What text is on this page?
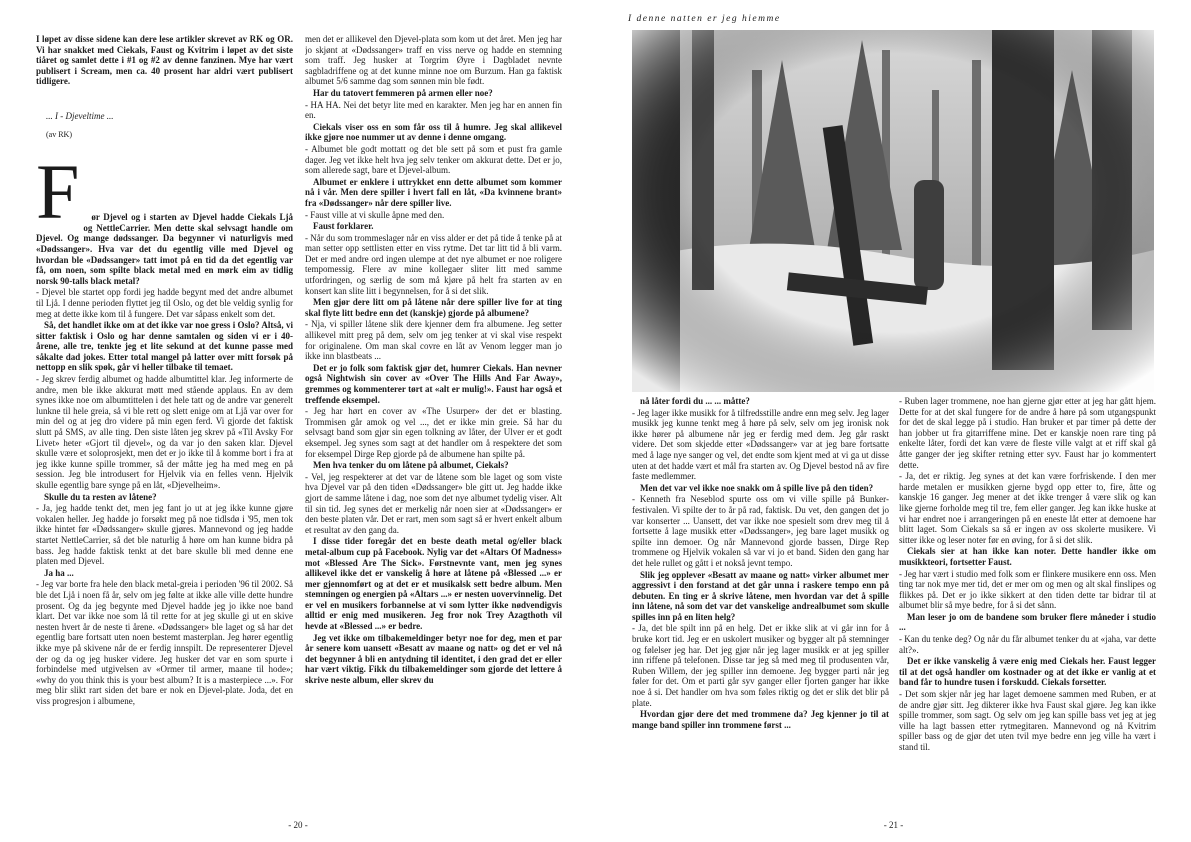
I løpet av disse sidene kan dere lese artikler skrevet av RK og OR. Vi har snakket med Ciekals, Faust og Kvitrim i løpet av det siste tiåret og samlet dette i #1 og #2 av denne fanzinen. Mye har vært publisert i Scream, men ca. 40 prosent har aldri vært publisert tidligere.

... I - Djeveltime ...
(av RK)
F	ør Djevel og i starten av Djevel hadde Ciekals Ljå og NettleCarrier. Men dette skal selvsagt handle om Djevel. Og mange dødssanger. Da begynner vi naturligvis med «Dødssanger». Hva var det du egentlig ville med Djevel og hvordan ble «Dødssanger» tatt imot på en tid da det egentlig var få, om noen, som spilte black metal med en mørk eim av tidlig norsk 90-talls black metal?

- Djevel ble startet opp fordi jeg hadde begynt med det andre albumet til Ljå. I denne perioden flyttet jeg til Oslo, og det ble veldig synlig for meg at dette ikke kom til å fungere. Det var såpass enkelt som det.

Så, det handlet ikke om at det ikke var noe gress i Oslo? Altså, vi sitter faktisk i Oslo og har denne samtalen og siden vi er i 40-årene, alle tre, tenkte jeg et lite sekund at det kunne passe med såkalte dad jokes. Etter total mangel på latter over mitt forsøk på nettopp en slik spøk, går vi heller tilbake til temaet.

- Jeg skrev ferdig albumet og hadde albumtittel klar. Jeg informerte de andre, men ble ikke akkurat møtt med stående applaus. En av dem synes ikke noe om albumtittelen i det hele tatt og de andre var generelt lunkne til hele greia, så vi ble rett og slett enige om at Ljå var over for min del og at jeg dro videre på min egen ferd. Vi gjorde det faktisk slutt på SMS, av alle ting. Den siste låten jeg skrev på «Til Avsky For Livet» heter «Gjort til djevel», og da var jo den saken klar. Djevel skulle være et soloprosjekt, men det er jo ikke til å komme bort i fra at jeg ikke kunne spille trommer, så der måtte jeg ha med meg en på session. Jeg ble introdusert for Hjelvik via en felles venn. Hjelvik skulle egentlig bare synge på en låt, «Djevelheim».

Skulle du ta resten av låtene?

- Ja, jeg hadde tenkt det, men jeg fant jo ut at jeg ikke kunne gjøre vokalen heller. Jeg hadde jo forsøkt meg på noe tidlsdø i '95, men tok ikke hintet før «Dødssanger» skulle gjøres. Mannevond og jeg hadde startet NettleCarrier, så det ble naturlig å høre om han kunne bidra på bass. Jeg hadde faktisk tenkt at det bare skulle bli med denne ene platen med Djevel.

Ja ha ...

- Jeg var borte fra hele den black metal-greia i perioden '96 til 2002. Så ble det Ljå i noen få år, selv om jeg følte at ikke alle ville dette hundre prosent. Og da jeg begynte med Djevel hadde jeg jo ikke noe band klart. Det var ikke noe som lå til rette for at jeg skulle gi ut en skive nesten hvert år de neste ti årene. «Dødssanger» ble laget og så har det egentlig bare fortsatt uten noen bestemt masterplan. Jeg hører egentlig ikke mye på skivene når de er ferdig innspilt. De representerer Djevel der og da og jeg husker videre. Jeg husker det var en som spurte i forbindelse med utgivelsen av «Ormer til armer, maane til hode»; «why do you think this is your best album? It is a masterpiece ...». For meg blir slikt rart siden det bare er nok en Djevel-plate. Joda, det en viss progresjon i albumene,

men det er allikevel den Djevel-plata som kom ut det året. Men jeg har jo skjønt at «Dødssanger» traff en viss nerve og hadde en stemning som traff. Jeg husker at Torgrim Øyre i Dagbladet nevnte sagbladriffene og at det kunne minne noe om Burzum. Han ga faktisk albumet 5/6 samme dag som sønnen min ble født.

Har du tatovert femmeren på armen eller noe?

- HA HA. Nei det betyr lite med en karakter. Men jeg har en annen fin en.

Ciekals viser oss en som får oss til å humre. Jeg skal allikevel ikke gjøre noe nummer ut av denne i denne omgang.

- Albumet ble godt mottatt og det ble sett på som et pust fra gamle dager. Jeg vet ikke helt hva jeg selv tenker om akkurat dette. Det er jo, som allerede sagt, bare et Djevel-album.

Albumet er enklere i uttrykket enn dette albumet som kommer nå i vår. Men dere spiller i hvert fall en låt, «Da kvinnene brant» fra «Dødssanger» når dere spiller live.

- Faust ville at vi skulle åpne med den.

Faust forklarer.

- Når du som trommeslager når en viss alder er det på tide å tenke på at man setter opp settlisten etter en viss rytme. Det tar litt tid å bli varm. Det er med andre ord ingen ulempe at det nye albumet er noe roligere tempomessig. Flere av mine kollegaer sliter litt med samme utfordringen, og særlig de som må kjøre på helt fra starten av en konsert kan slite litt i begynnelsen, for å si det slik.

Men gjør dere litt om på låtene når dere spiller live for at ting skal flyte litt bedre enn det (kanskje) gjorde på albumene?

- Nja, vi spiller låtene slik dere kjenner dem fra albumene. Jeg setter allikevel mitt preg på dem, selv om jeg tenker at vi skal vise respekt for originalene. Om man skal covre en låt av Venom legger man jo ikke inn blastbeats ...

Det er jo folk som faktisk gjør det, humrer Ciekals. Han nevner også Nightwish sin cover av «Over The Hills And Far Away», gremmes og kommenterer tørt at «alt er mulig!». Faust har også et treffende eksempel.

- Jeg har hørt en cover av «The Usurper» der det er blasting. Trommisen går amok og vel ..., det er ikke min greie. Så har du selvsagt band som gjør sin egen tolkning av låter, der Ulver er et godt eksempel. Jeg synes som sagt at det handler om å respektere det som for eksempel Dirge Rep gjorde på de albumene han spilte på.

Men hva tenker du om låtene på albumet, Ciekals?

- Vel, jeg respekterer at det var de låtene som ble laget og som viste hva Djevel var på den tiden «Dødssanger» ble gitt ut. Jeg hadde ikke gjort de samme låtene i dag, noe som det nye albumet tydelig viser. Alt til sin tid. Jeg synes det er merkelig når noen sier at «Dødssanger» er den beste platen vår. Det er rart, men som sagt så er hvert enkelt album et resultat av den gang da.

I disse tider foregår det en beste death metal og/eller black metal-album cup på Facebook. Nylig var det «Altars Of Madness» mot «Blessed Are The Sick». Førstnevnte vant, men jeg synes allikevel ikke det er vanskelig å høre at låtene på «Blessed ...» er mer gjennomført og at det er et musikalsk sett bedre album. Men stemningen og energien på «Altars ...» er nesten uovervinnelig. Det er vel en musikers forbannelse at vi som lytter ikke nødvendigvis alltid er enig med musikeren. Jeg fror nok Trey Azagthoth vil hevde at «Blessed ...» er bedre.

Jeg vet ikke om tilbakemeldinger betyr noe for deg, men et par år senere kom uansett «Besatt av maane og natt» og det er vel nå det begynner å bli en antydning til identitet, i den grad det er eller har vært viktig. Fikk du tilbakemeldinger som gjorde det lettere å skrive neste album, eller skrev du

- 20 -
I denne natten er jeg hiemme

nå låter fordi du ... ... måtte?

- Jeg lager ikke musikk for å tilfredsstille andre enn meg selv. Jeg lager musikk jeg kunne tenkt meg å høre på selv, selv om jeg ironisk nok ikke hører på albumene når jeg er ferdig med dem. Jeg går raskt videre. Det som skjedde etter «Dødssanger» var at jeg bare fortsatte med å lage nye sanger og vel, det endte som kjent med at vi ga ut disse uten at det hadde vært et mål fra starten av. Og Djevel bestod nå av fire faste medlemmer.

Men det var vel ikke noe snakk om å spille live på den tiden?

- Kenneth fra Neseblod spurte oss om vi ville spille på Bunker-festivalen. Vi spilte der to år på rad, faktisk. Du vet, den gangen det jo var konserter ... Uansett, det var ikke noe spesielt som drev meg til å fortsette å lage musikk etter «Dødssanger», jeg bare laget musikk og spilte inn demoer. Og når Mannevond gjorde bassen, Dirge Rep trommene og Hjelvik vokalen så var vi jo et band. Siden den gang har det hele rullet og gått i et nokså jevnt tempo.

Slik jeg opplever «Besatt av maane og natt» virker albumet mer aggressivt i den forstand at det går unna i raskere tempo enn på debuten. En ting er å skrive låtene, men hvordan var det å spille inn låtene, nå som det var det vanskelige andrealbumet som skulle spilles inn på en liten helg?

- Ja, det ble spilt inn på en helg. Det er ikke slik at vi går inn for å bruke kort tid. Jeg er en uskolert musiker og bygger alt på stemninger og følelser jeg har. Det jeg gjør når jeg lager musikk er at jeg spiller inn riffene på telefonen. Disse tar jeg så med meg til produsenten vår, Ruben Willem, der jeg spiller inn demoene. Jeg bygger parti når jeg føler for det. Om et parti går syv ganger eller fjorten ganger har ikke noe å si. Det handler om hva som føles riktig og det er slik det blir på plate.

Hvordan gjør dere det med trommene da? Jeg kjenner jo til at mange band spiller inn trommene først ...

- Ruben lager trommene, noe han gjerne gjør etter at jeg har gått hjem. Dette for at det skal fungere for de andre å høre på som utgangspunkt for det de skal legge på i studio. Han bruker et par timer på dette der han jobber ut fra gitarriffene mine. Det er kanskje noen rare ting på enkelte låter, fordi det kan være de fleste ville valgt at et riff skal gå åtte ganger der jeg skifter retning etter syv. Faust har jo kommentert dette.

- Ja, det er riktig. Jeg synes at det kan være forfriskende. I den mer harde metalen er musikken gjerne bygd opp etter to, fire, åtte og kanskje 16 ganger. Jeg mener at det ikke trenger å være slik og kan like gjerne forholde meg til tre, fem eller ganger. Jeg kan ikke huske at vi har endret noe i arrangeringen på en eneste låt etter at demoene har blitt laget. Som Ciekals sa så er ingen av oss skolerte musikere. Vi sitter ikke og leser noter før en øving, for å si det slik.

Ciekals sier at han ikke kan noter. Dette handler ikke om musikkteori, fortsetter Faust.

- Jeg har vært i studio med folk som er flinkere musikere enn oss. Men ting tar nok mye mer tid, det er mer om og men og alt skal finslipes og flikkes på. Det er jo ikke sikkert at den tiden dette tar bidrar til at albumet blir så mye bedre, for å si det sånn.

Man leser jo om de bandene som bruker flere måneder i studio ...

- Kan du tenke deg? Og når du får albumet tenker du at «jaha, var dette alt?».

Det er ikke vanskelig å være enig med Ciekals her. Faust legger til at det også handler om kostnader og at det ikke er vanlig at et band får to hundre tusen i forskudd. Ciekals forsetter.

- Det som skjer når jeg har laget demoene sammen med Ruben, er at de andre gjør sitt. Jeg dikterer ikke hva Faust skal gjøre. Jeg kan ikke spille trommer, som sagt. Og selv om jeg kan spille bass vet jeg at jeg ville ha lagt bassen etter rytmegitaren. Mannevond og nå Kvitrim spiller bass og de gjør det uten tvil mye bedre enn jeg ville ha vært i stand til.

- 21 -
